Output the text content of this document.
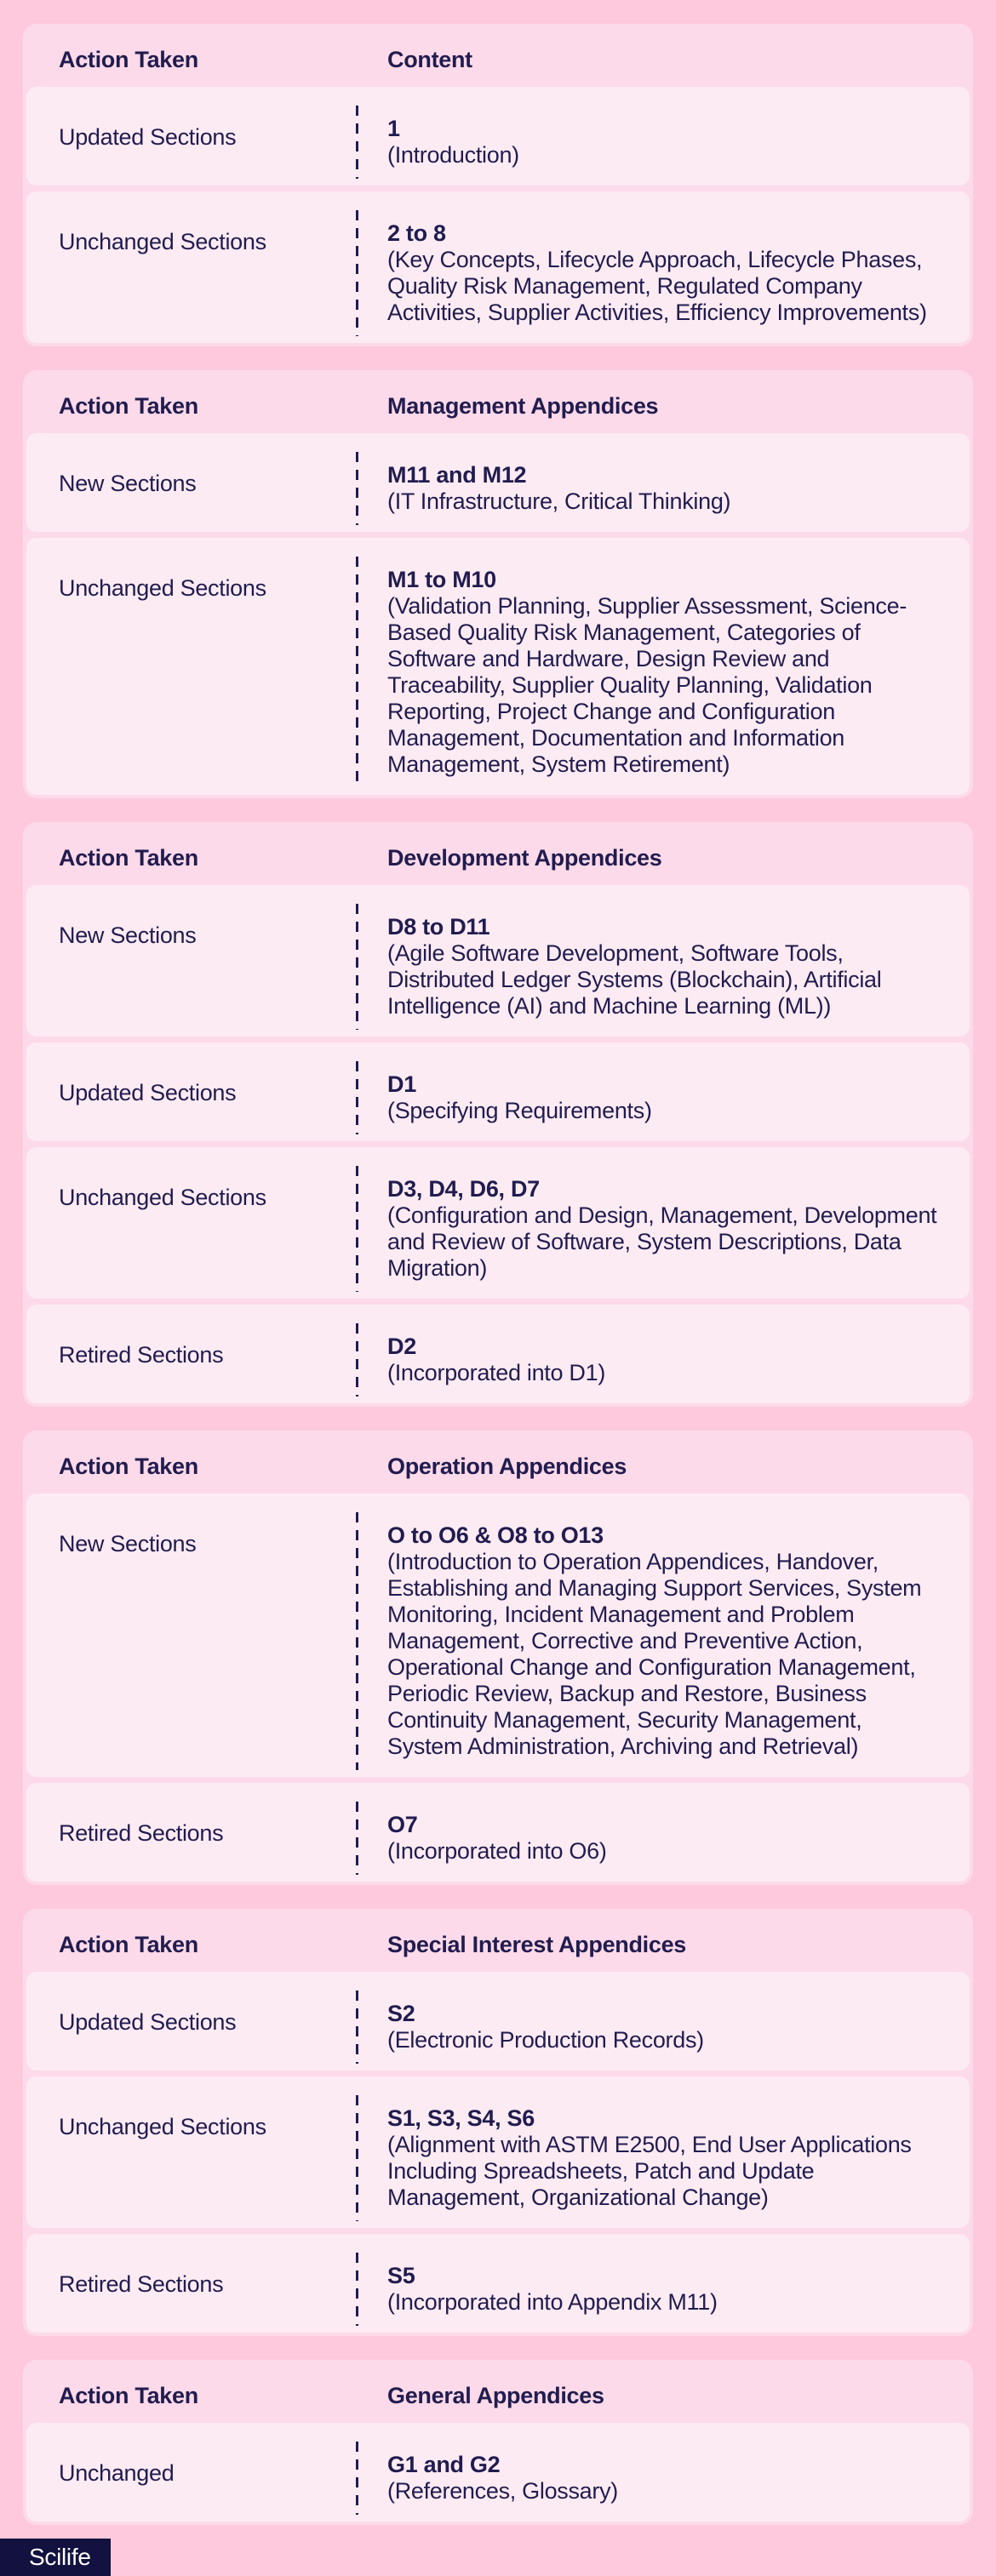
Action Taken	Content
Updated Sections	1
(Introduction)
Unchanged Sections	2 to 8
(Key Concepts, Lifecycle Approach, Lifecycle Phases, Quality Risk Management, Regulated Company Activities, Supplier Activities, Efficiency Improvements)
Action Taken	Management Appendices
New Sections	M11 and M12
(IT Infrastructure, Critical Thinking)
Unchanged Sections	M1 to M10
(Validation Planning, Supplier Assessment, Science-Based Quality Risk Management, Categories of Software and Hardware, Design Review and Traceability, Supplier Quality Planning, Validation Reporting, Project Change and Configuration Management, Documentation and Information Management, System Retirement)
Action Taken	Development Appendices
New Sections	D8 to D11
(Agile Software Development, Software Tools, Distributed Ledger Systems (Blockchain), Artificial Intelligence (AI) and Machine Learning (ML))
Updated Sections	D1
(Specifying Requirements)
Unchanged Sections	D3, D4, D6, D7
(Configuration and Design, Management, Development and Review of Software, System Descriptions, Data Migration)
Retired Sections	D2
(Incorporated into D1)
Action Taken	Operation Appendices
New Sections	O to O6 & O8 to O13
(Introduction to Operation Appendices, Handover, Establishing and Managing Support Services, System Monitoring, Incident Management and Problem Management, Corrective and Preventive Action, Operational Change and Configuration Management, Periodic Review, Backup and Restore, Business Continuity Management, Security Management, System Administration, Archiving and Retrieval)
Retired Sections	O7
(Incorporated into O6)
Action Taken	Special Interest Appendices
Updated Sections	S2
(Electronic Production Records)
Unchanged Sections	S1, S3, S4, S6
(Alignment with ASTM E2500, End User Applications Including Spreadsheets, Patch and Update Management, Organizational Change)
Retired Sections	S5
(Incorporated into Appendix M11)
Action Taken	General Appendices
Unchanged	G1 and G2
(References, Glossary)
Scilife
